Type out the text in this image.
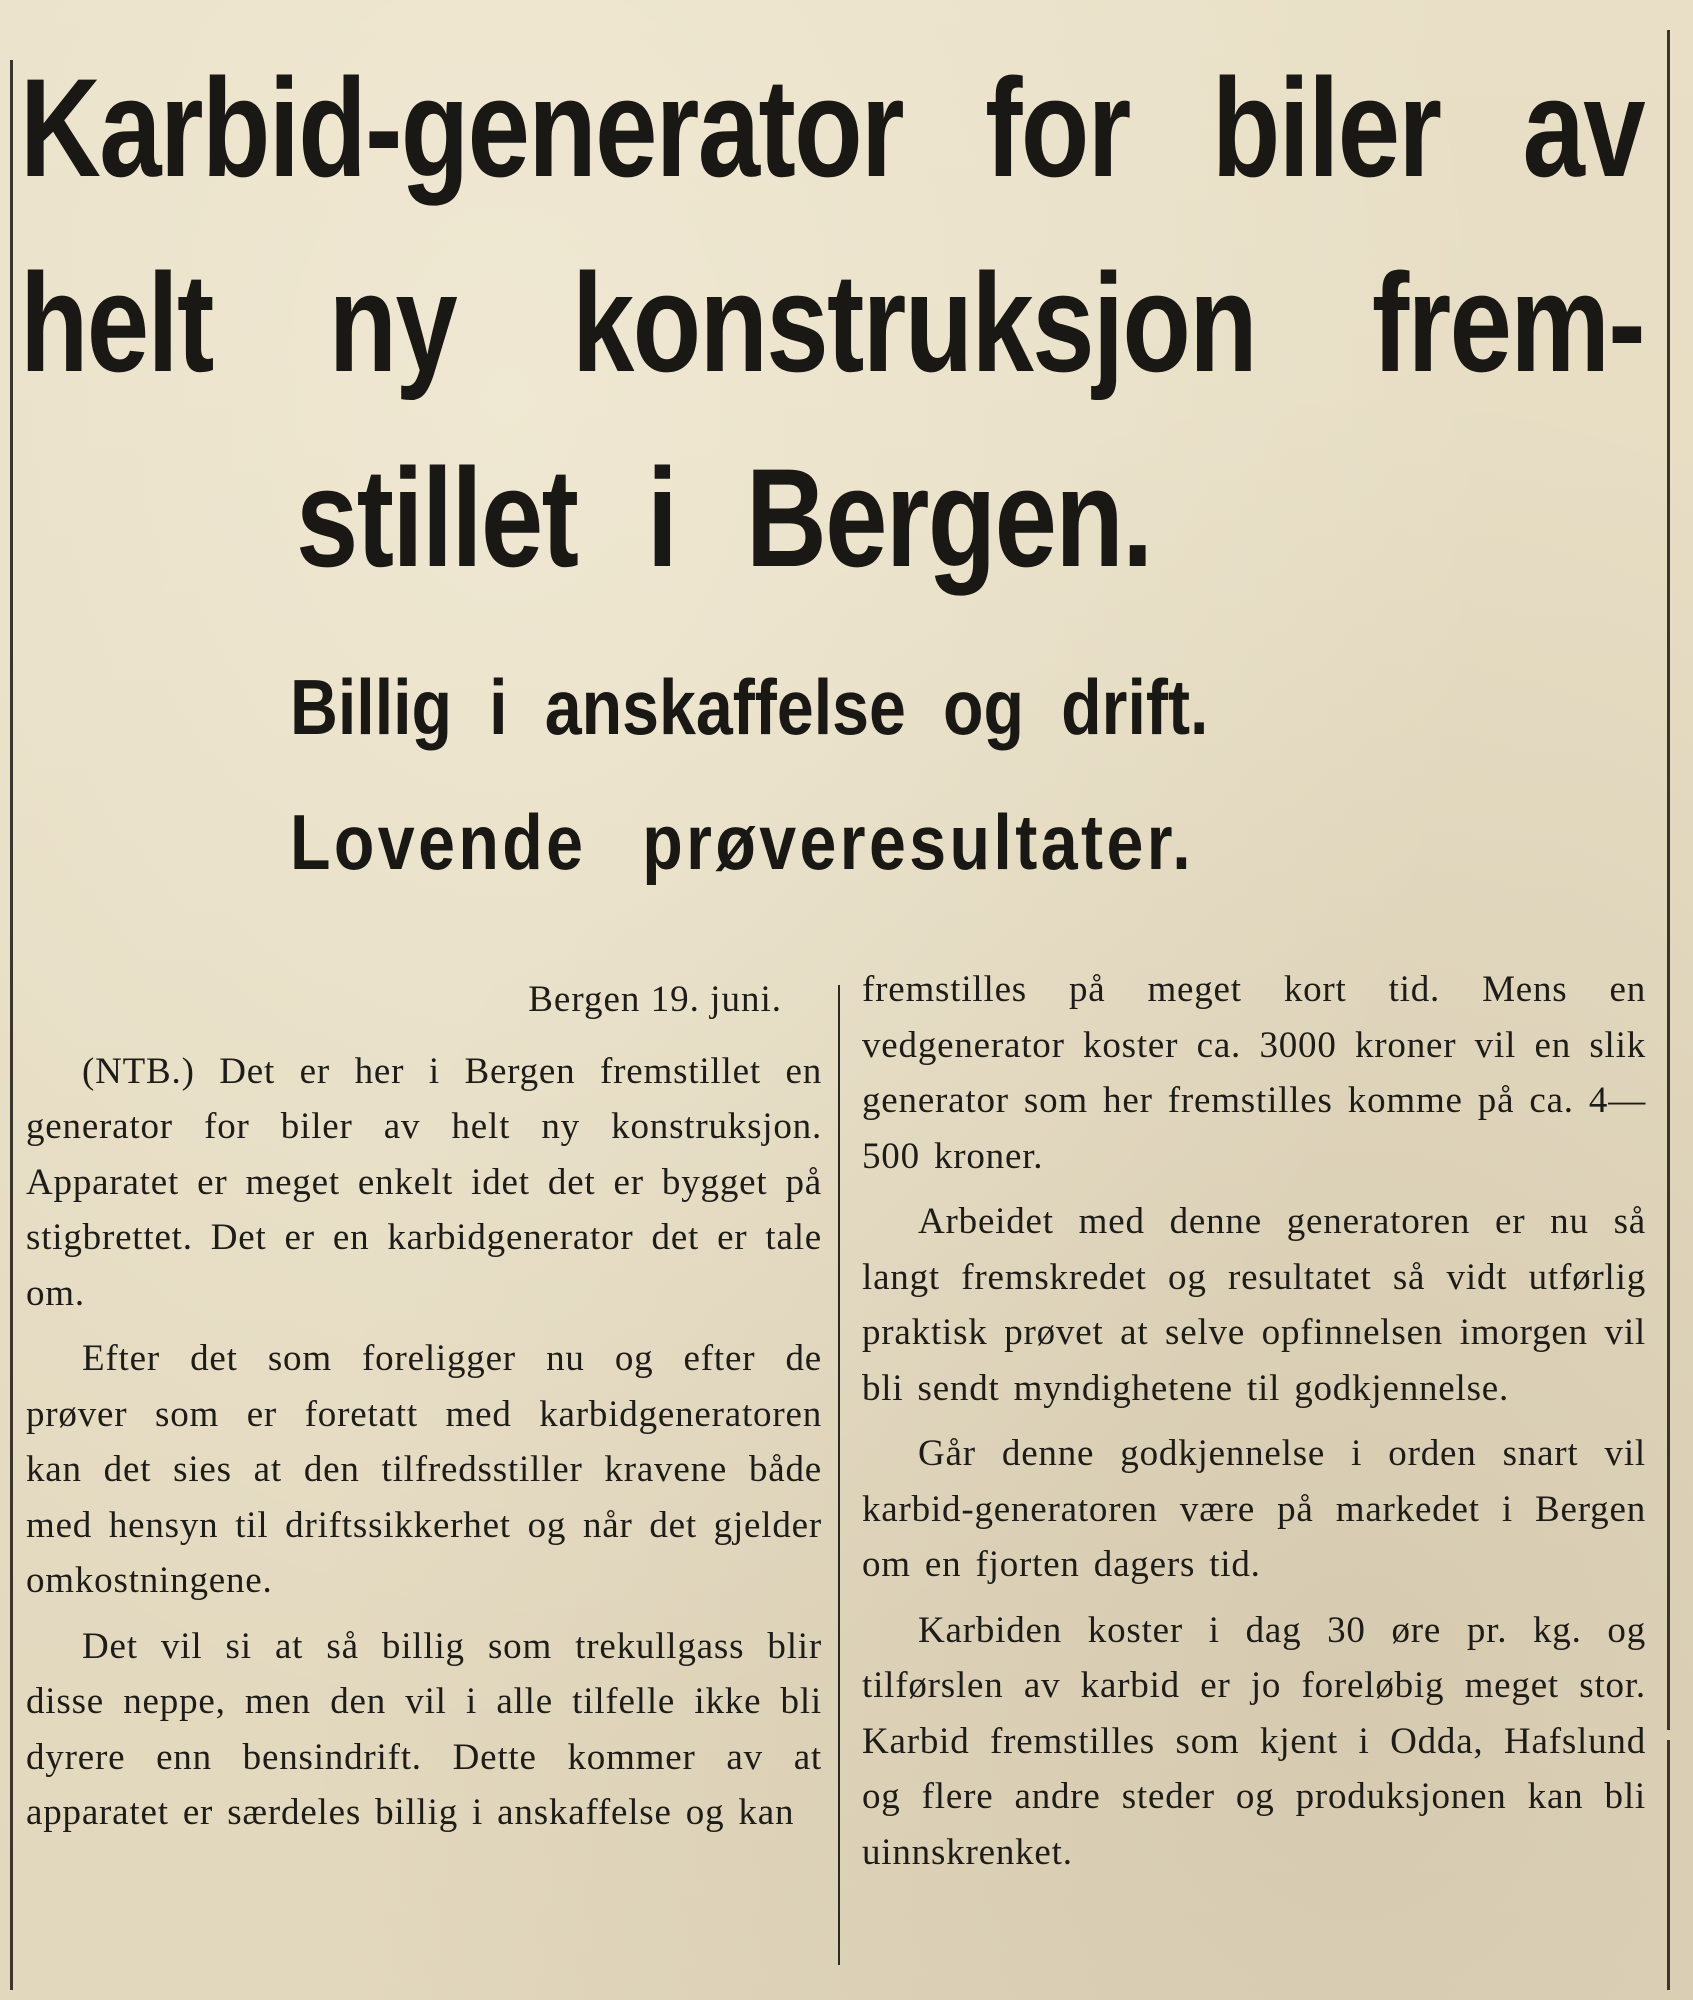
Karbid-generator for biler av
helt ny konstruksjon frem-
stillet i Bergen.
Billig i anskaffelse og drift.
Lovende prøveresultater.
Bergen 19. juni.

(NTB.) Det er her i Bergen fremstillet en generator for biler av helt ny konstruksjon. Apparatet er meget enkelt idet det er bygget på stigbrettet. Det er en karbidgenerator det er tale om.

Efter det som foreligger nu og efter de prøver som er foretatt med karbidgeneratoren kan det sies at den tilfredsstiller kravene både med hensyn til driftssikkerhet og når det gjelder omkostningene.

Det vil si at så billig som trekullgass blir disse neppe, men den vil i alle tilfelle ikke bli dyrere enn bensindrift. Dette kommer av at apparatet er særdeles billig i anskaffelse og kan

fremstilles på meget kort tid. Mens en vedgenerator koster ca. 3000 kroner vil en slik generator som her fremstilles komme på ca. 4—500 kroner.

Arbeidet med denne generatoren er nu så langt fremskredet og resultatet så vidt utførlig praktisk prøvet at selve opfinnelsen imorgen vil bli sendt myndighetene til godkjennelse.

Går denne godkjennelse i orden snart vil karbid-generatoren være på markedet i Bergen om en fjorten dagers tid.

Karbiden koster i dag 30 øre pr. kg. og tilførslen av karbid er jo foreløbig meget stor. Karbid fremstilles som kjent i Odda, Hafslund og flere andre steder og produksjonen kan bli uinnskrenket.
